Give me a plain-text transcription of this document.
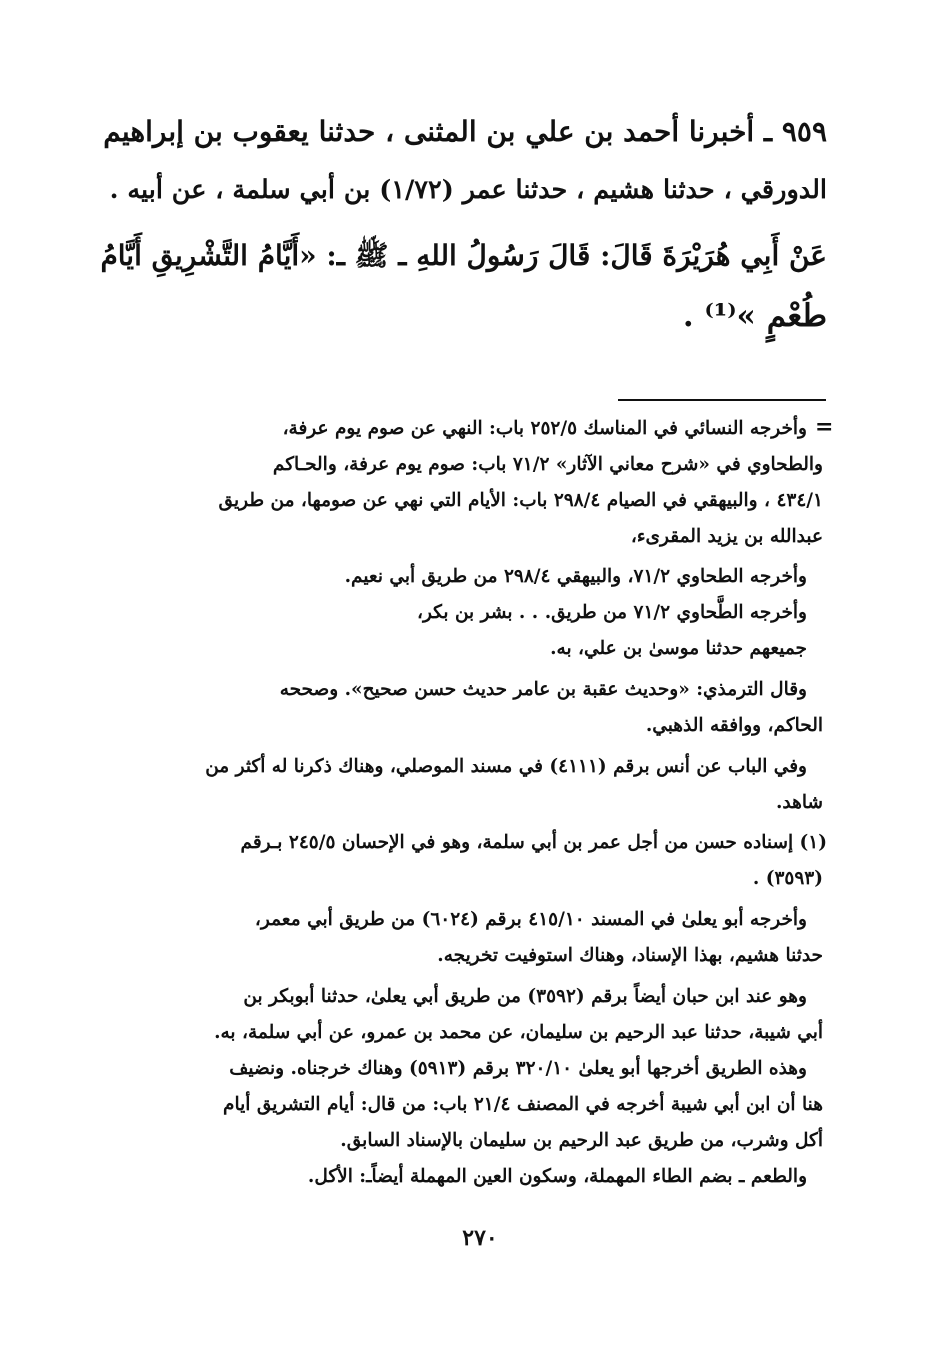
٩٥٩ ـ أخبرنا أحمد بن علي بن المثنى ، حدثنا يعقوب بن إبراهيم
الدورقي ، حدثنا هشيم ، حدثنا عمر (١/٧٢) بن أبي سلمة ، عن أبيه .
عَنْ أَبِي هُرَيْرَةَ قَالَ: قَالَ رَسُولُ اللهِ ـ ﷺ ـ: «أَيَّامُ التَّشْرِيقِ أَيَّامُ
طُعْمٍ »⁽¹⁾ .
=
وأخرجه النسائي في المناسك ٢٥٢/٥ باب: النهي عن صوم يوم عرفة،
والطحاوي في «شرح معاني الآثار» ٧١/٢ باب: صوم يوم عرفة، والحـاكم
٤٣٤/١ ، والبيهقي في الصيام ٢٩٨/٤ باب: الأيام التي نهي عن صومها، من طريق
عبدالله بن يزيد المقرىء،
وأخرجه الطحاوي ٧١/٢، والبيهقي ٢٩٨/٤ من طريق أبي نعيم.
وأخرجه الطَّحاوي ٧١/٢ من طريق. . . بشر بن بكر،
جميعهم حدثنا موسىٰ بن علي، به.
وقال الترمذي: «وحديث عقبة بن عامر حديث حسن صحيح». وصححه
الحاكم، ووافقه الذهبي.
وفي الباب عن أنس برقم (٤١١١) في مسند الموصلي، وهناك ذكرنا له أكثر من
شاهد.
(١) إسناده حسن من أجل عمر بن أبي سلمة، وهو في الإحسان ٢٤٥/٥ بـرقم
(٣٥٩٣) .
وأخرجه أبو يعلىٰ في المسند ٤١٥/١٠ برقم (٦٠٢٤) من طريق أبي معمر،
حدثنا هشيم، بهذا الإسناد، وهناك استوفيت تخريجه.
وهو عند ابن حبان أيضاً برقم (٣٥٩٢) من طريق أبي يعلىٰ، حدثنا أبوبكر بن
أبي شيبة، حدثنا عبد الرحيم بن سليمان، عن محمد بن عمرو، عن أبي سلمة، به.
وهذه الطريق أخرجها أبو يعلىٰ ٣٢٠/١٠ برقم (٥٩١٣) وهناك خرجناه. ونضيف
هنا أن ابن أبي شيبة أخرجه في المصنف ٢١/٤ باب: من قال: أيام التشريق أيام
أكل وشرب، من طريق عبد الرحيم بن سليمان بالإسناد السابق.
والطعم ـ بضم الطاء المهملة، وسكون العين المهملة أيضاًـ: الأكل.
٢٧٠
